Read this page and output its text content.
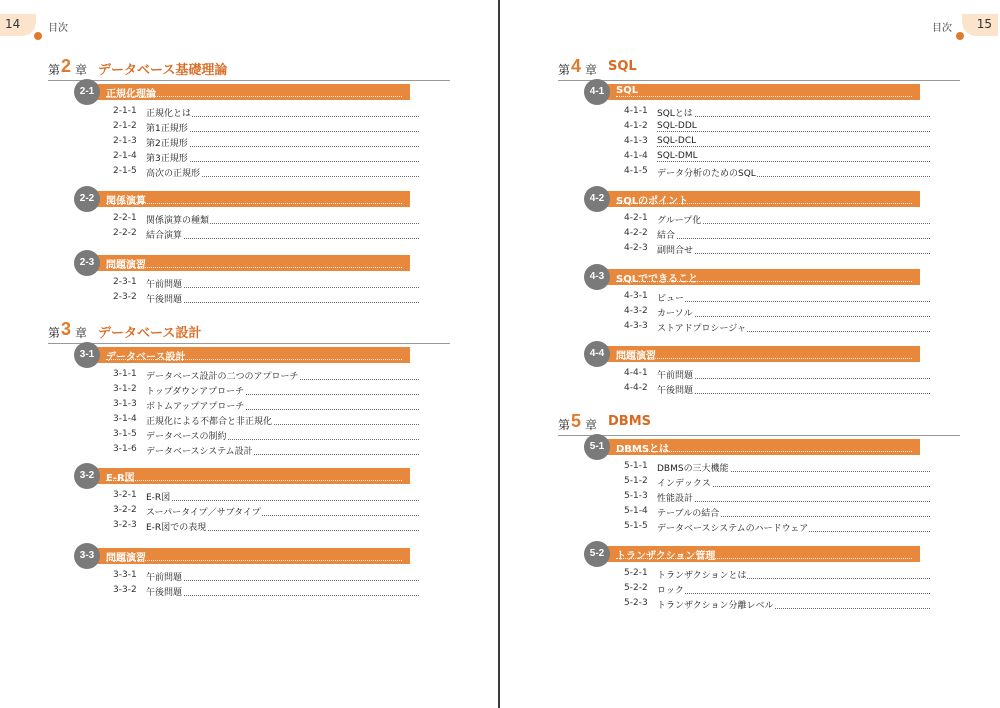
14	目次
第 2 章 データベース基礎理論
正規化理論
2-1
2-1-1 正規化とは
2-1-2 第1正規形
2-1-3 第2正規形
2-1-4 第3正規形
2-1-5 高次の正規形
関係演算
2-2
2-2-1 関係演算の種類
2-2-2 結合演算
問題演習
2-3
2-3-1 午前問題
2-3-2 午後問題
第 3 章 データベース設計
データベース設計
3-1
3-1-1 データベース設計の二つのアプローチ
3-1-2 トップダウンアプローチ
3-1-3 ボトムアップアプローチ
3-1-4 正規化による不都合と非正規化
3-1-5 データベースの制約
3-1-6 データベースシステム設計
E-R図
3-2
3-2-1 E-R図
3-2-2 スーパータイプ／サブタイプ
3-2-3 E-R図での表現
問題演習
3-3
3-3-1 午前問題
3-3-2 午後問題
15
目次
第 4 章 SQL
SQL
4-1
4-1-1 SQLとは
4-1-2 SQL-DDL
4-1-3 SQL-DCL
4-1-4 SQL-DML
4-1-5 データ分析のためのSQL
SQLのポイント
4-2
4-2-1 グループ化
4-2-2 結合
4-2-3 副問合せ
SQLでできること
4-3
4-3-1 ビュー
4-3-2 カーソル
4-3-3 ストアドプロシージャ
問題演習
4-4
4-4-1 午前問題
4-4-2 午後問題
第 5 章 DBMS
DBMSとは
5-1
5-1-1 DBMSの三大機能
5-1-2 インデックス
5-1-3 性能設計
5-1-4 テーブルの結合
5-1-5 データベースシステムのハードウェア
トランザクション管理
5-2
5-2-1 トランザクションとは
5-2-2 ロック
5-2-3 トランザクション分離レベル
